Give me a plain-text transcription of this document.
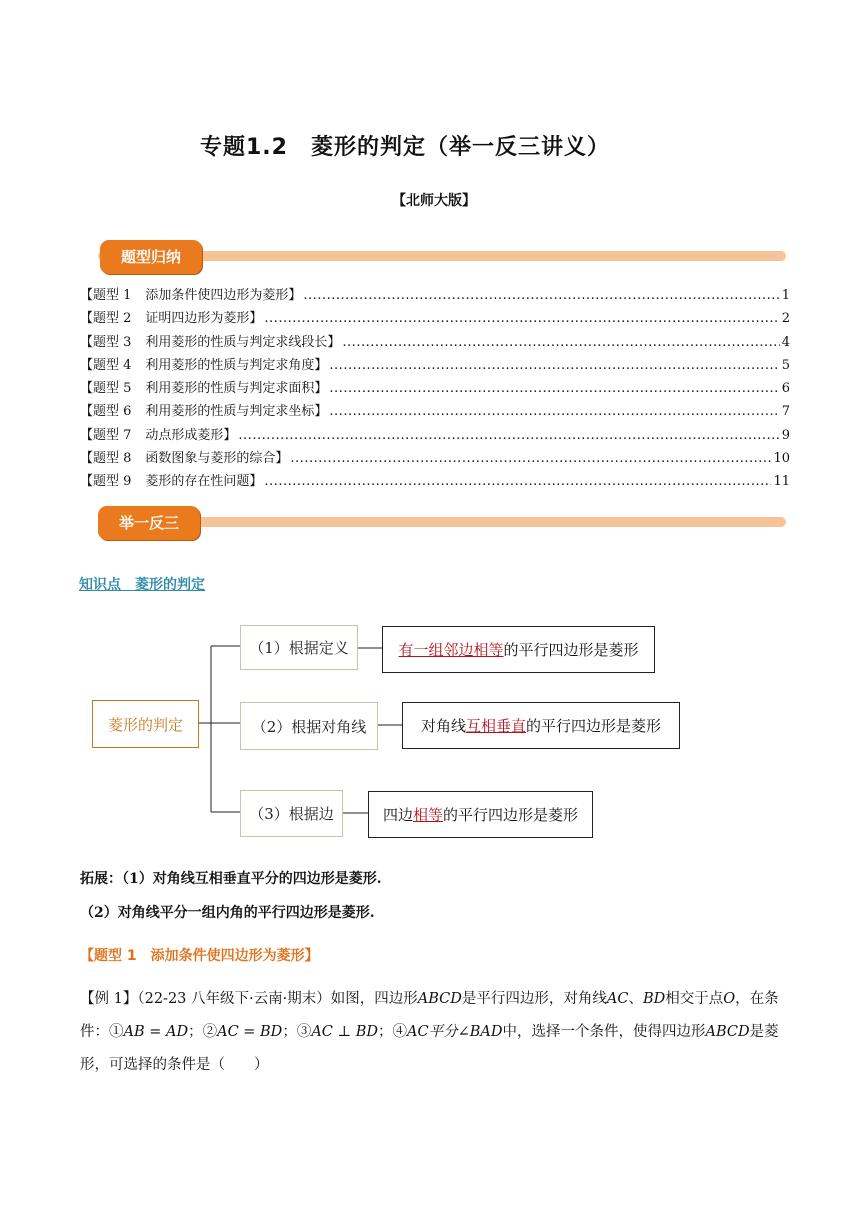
专题1.2　菱形的判定（举一反三讲义）
【北师大版】
题型归纳
【题型 1 添加条件使四边形为菱形】 .....	1
【题型 2 证明四边形为菱形】 .....	2
【题型 3 利用菱形的性质与判定求线段长】 .....	4
【题型 4 利用菱形的性质与判定求角度】 .....	5
【题型 5 利用菱形的性质与判定求面积】 .....	6
【题型 6 利用菱形的性质与判定求坐标】 .....	7
【题型 7 动点形成菱形】 .....	9
【题型 8 函数图象与菱形的综合】 .....	10
【题型 9 菱形的存在性问题】 .....	11
举一反三
知识点　菱形的判定
菱形的判定
（1）根据定义
（2）根据对角线
（3）根据边
有一组邻边相等 的平行四边形是菱形
对角线 互相垂直 的平行四边形是菱形
四边 相等 的平行四边形是菱形
拓展：（1）对角线互相垂直平分的四边形是菱形.
（2）对角线平分一组内角的平行四边形是菱形.
【题型 1　添加条件使四边形为菱形】
【例 1】（22-23 八年级下·云南·期末）如图，四边形ABCD是平行四边形，对角线AC、BD相交于点O，在条件：①AB = AD；②AC = BD；③AC ⊥ BD；④AC平分∠BAD中，选择一个条件，使得四边形ABCD是菱形，可选择的条件是（　　）
